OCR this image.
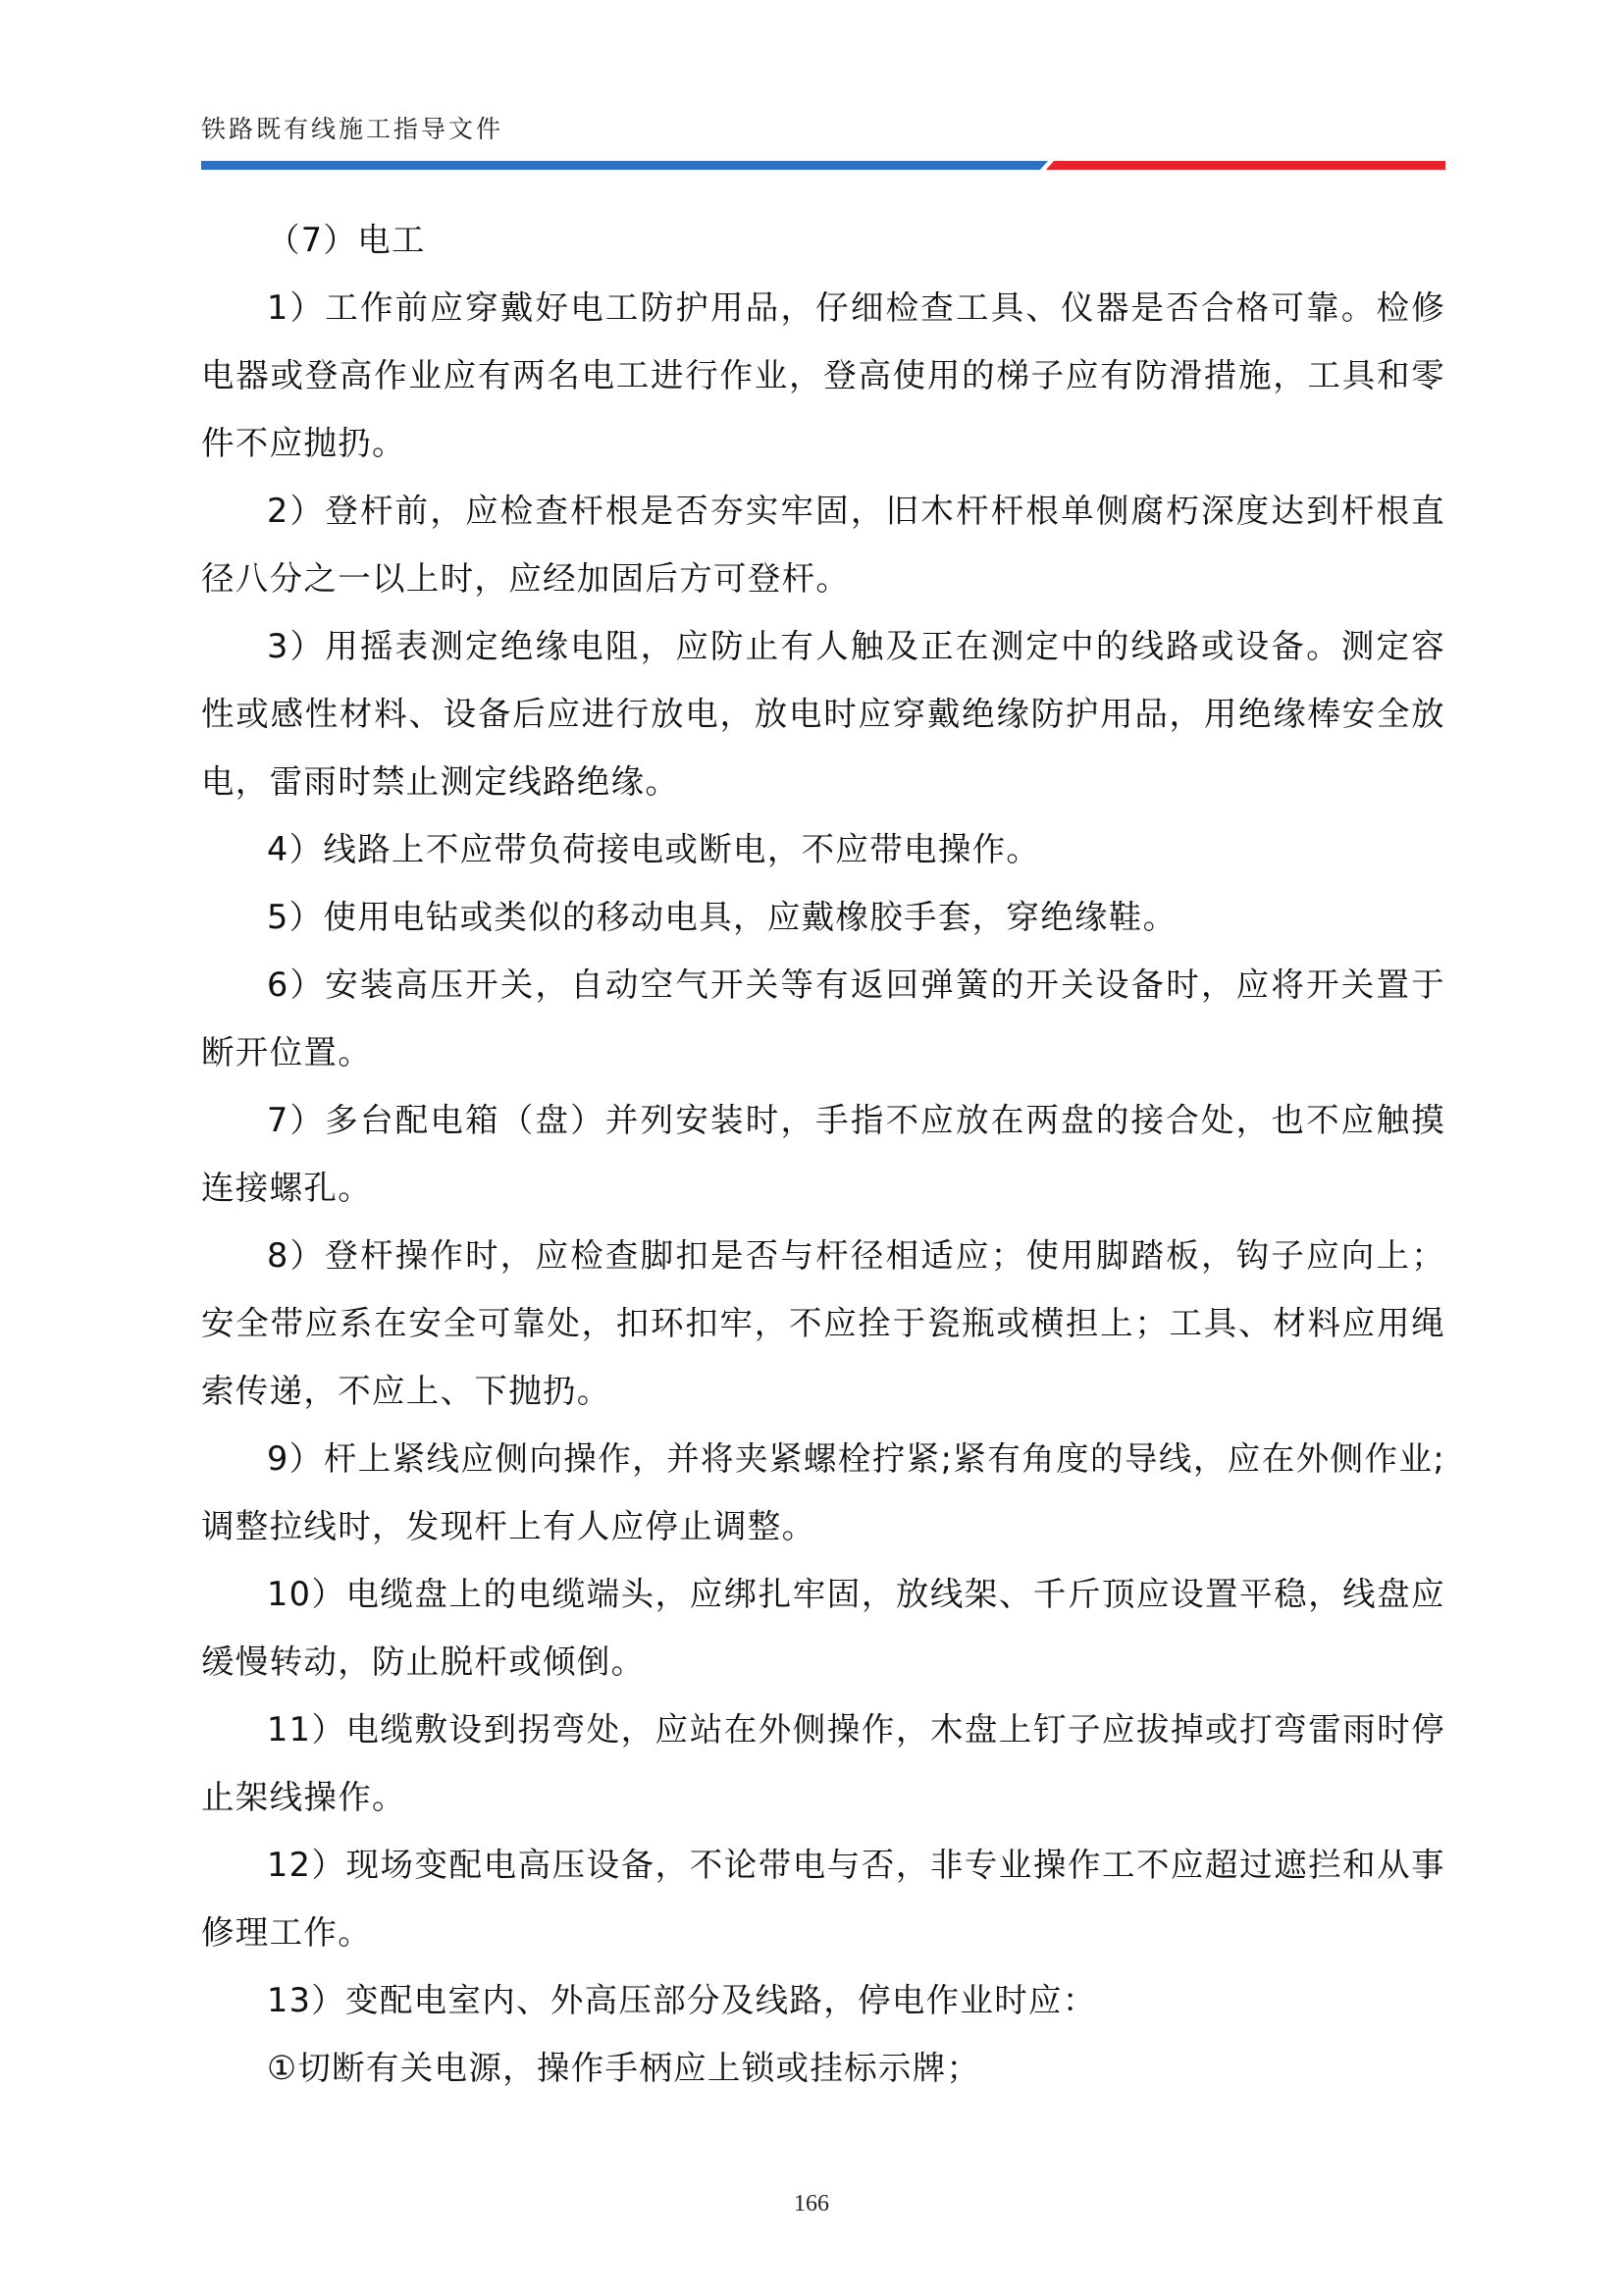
铁路既有线施工指导文件

（7）电工

1）工作前应穿戴好电工防护用品，仔细检查工具、仪器是否合格可靠。检修电器或登高作业应有两名电工进行作业，登高使用的梯子应有防滑措施，工具和零件不应抛扔。

2）登杆前，应检查杆根是否夯实牢固，旧木杆杆根单侧腐朽深度达到杆根直径八分之一以上时，应经加固后方可登杆。

3）用摇表测定绝缘电阻，应防止有人触及正在测定中的线路或设备。测定容性或感性材料、设备后应进行放电，放电时应穿戴绝缘防护用品，用绝缘棒安全放电，雷雨时禁止测定线路绝缘。

4）线路上不应带负荷接电或断电，不应带电操作。

5）使用电钻或类似的移动电具，应戴橡胶手套，穿绝缘鞋。

6）安装高压开关，自动空气开关等有返回弹簧的开关设备时，应将开关置于断开位置。

7）多台配电箱（盘）并列安装时，手指不应放在两盘的接合处，也不应触摸连接螺孔。

8）登杆操作时，应检查脚扣是否与杆径相适应；使用脚踏板，钩子应向上；安全带应系在安全可靠处，扣环扣牢，不应拴于瓷瓶或横担上；工具、材料应用绳索传递，不应上、下抛扔。

9）杆上紧线应侧向操作，并将夹紧螺栓拧紧;紧有角度的导线，应在外侧作业;调整拉线时，发现杆上有人应停止调整。

10）电缆盘上的电缆端头，应绑扎牢固，放线架、千斤顶应设置平稳，线盘应缓慢转动，防止脱杆或倾倒。

11）电缆敷设到拐弯处，应站在外侧操作，木盘上钉子应拔掉或打弯雷雨时停止架线操作。

12）现场变配电高压设备，不论带电与否，非专业操作工不应超过遮拦和从事修理工作。

13）变配电室内、外高压部分及线路，停电作业时应：

①切断有关电源，操作手柄应上锁或挂标示牌；

166
